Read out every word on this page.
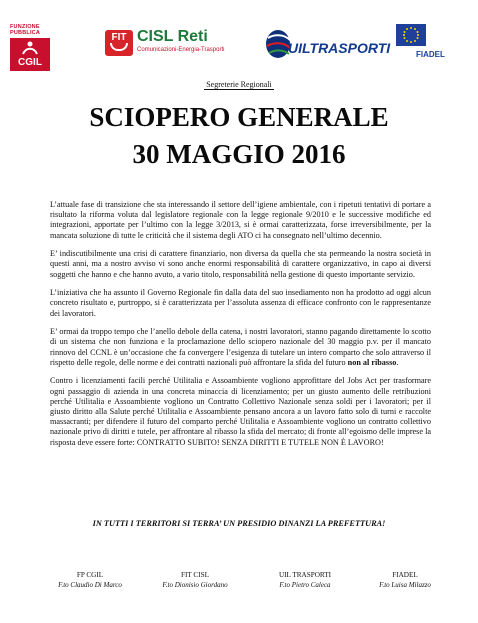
FUNZIONE PUBBLICA
CGIL
FIT CISL Reti
Comunicazioni-Energia-Trasporti	UILTRASPORTI	FIADEL
Segreterie Regionali
SCIOPERO GENERALE
30 MAGGIO 2016

L’attuale fase di transizione che sta interessando il settore dell’igiene ambientale, con i ripetuti tentativi di portare a risultato la riforma voluta dal legislatore regionale con la legge regionale 9/2010 e le successive modifiche ed integrazioni, apportate per l’ultimo con la legge 3/2013, si è ormai caratterizzata, forse irreversibilmente, per la mancata soluzione di tutte le criticità che il sistema degli ATO ci ha consegnato nell’ultimo decennio.

E’ indiscutibilmente una crisi di carattere finanziario, non diversa da quella che sta permeando la nostra società in questi anni, ma a nostro avviso vi sono anche enormi responsabilità di carattere organizzativo, in capo ai diversi soggetti che hanno e che hanno avuto, a vario titolo, responsabilità nella gestione di questo importante servizio.

L’iniziativa che ha assunto il Governo Regionale fin dalla data del suo insediamento non ha prodotto ad oggi alcun concreto risultato e, purtroppo, si è caratterizzata per l’assoluta assenza di efficace confronto con le rappresentanze dei lavoratori.

E’ ormai da troppo tempo che l’anello debole della catena, i nostri lavoratori, stanno pagando direttamente lo scotto di un sistema che non funziona e la proclamazione dello sciopero nazionale del 30 maggio p.v. per il mancato rinnovo del CCNL è un’occasione che fa convergere l’esigenza di tutelare un intero comparto che solo attraverso il rispetto delle regole, delle norme e dei contratti nazionali può affrontare la sfida del futuro non al ribasso.

Contro i licenziamenti facili perché Utilitalia e Assoambiente vogliono approfittare del Jobs Act per trasformare ogni passaggio di azienda in una concreta minaccia di licenziamento; per un giusto aumento delle retribuzioni perché Utilitalia e Assoambiente vogliono un Contratto Collettivo Nazionale senza soldi per i lavoratori; per il giusto diritto alla Salute perché Utilitalia e Assoambiente pensano ancora a un lavoro fatto solo di turni e raccolte massacranti; per difendere il futuro del comparto perché Utilitalia e Assoambiente vogliono un contratto collettivo nazionale privo di diritti e tutele, per affrontare al ribasso la sfida del mercato; di fronte all’egoismo delle imprese la risposta deve essere forte: CONTRATTO SUBITO! SENZA DIRITTI E TUTELE NON È LAVORO!

IN TUTTI I TERRITORI SI TERRA’ UN PRESIDIO DINANZI LA PREFETTURA!
FP CGIL
F.to Claudio Di Marco
FIT CISL
F.to Dionisio Giordano
UIL TRASPORTI
F.to Pietro Caleca
FIADEL
F.to Luisa Milazzo
